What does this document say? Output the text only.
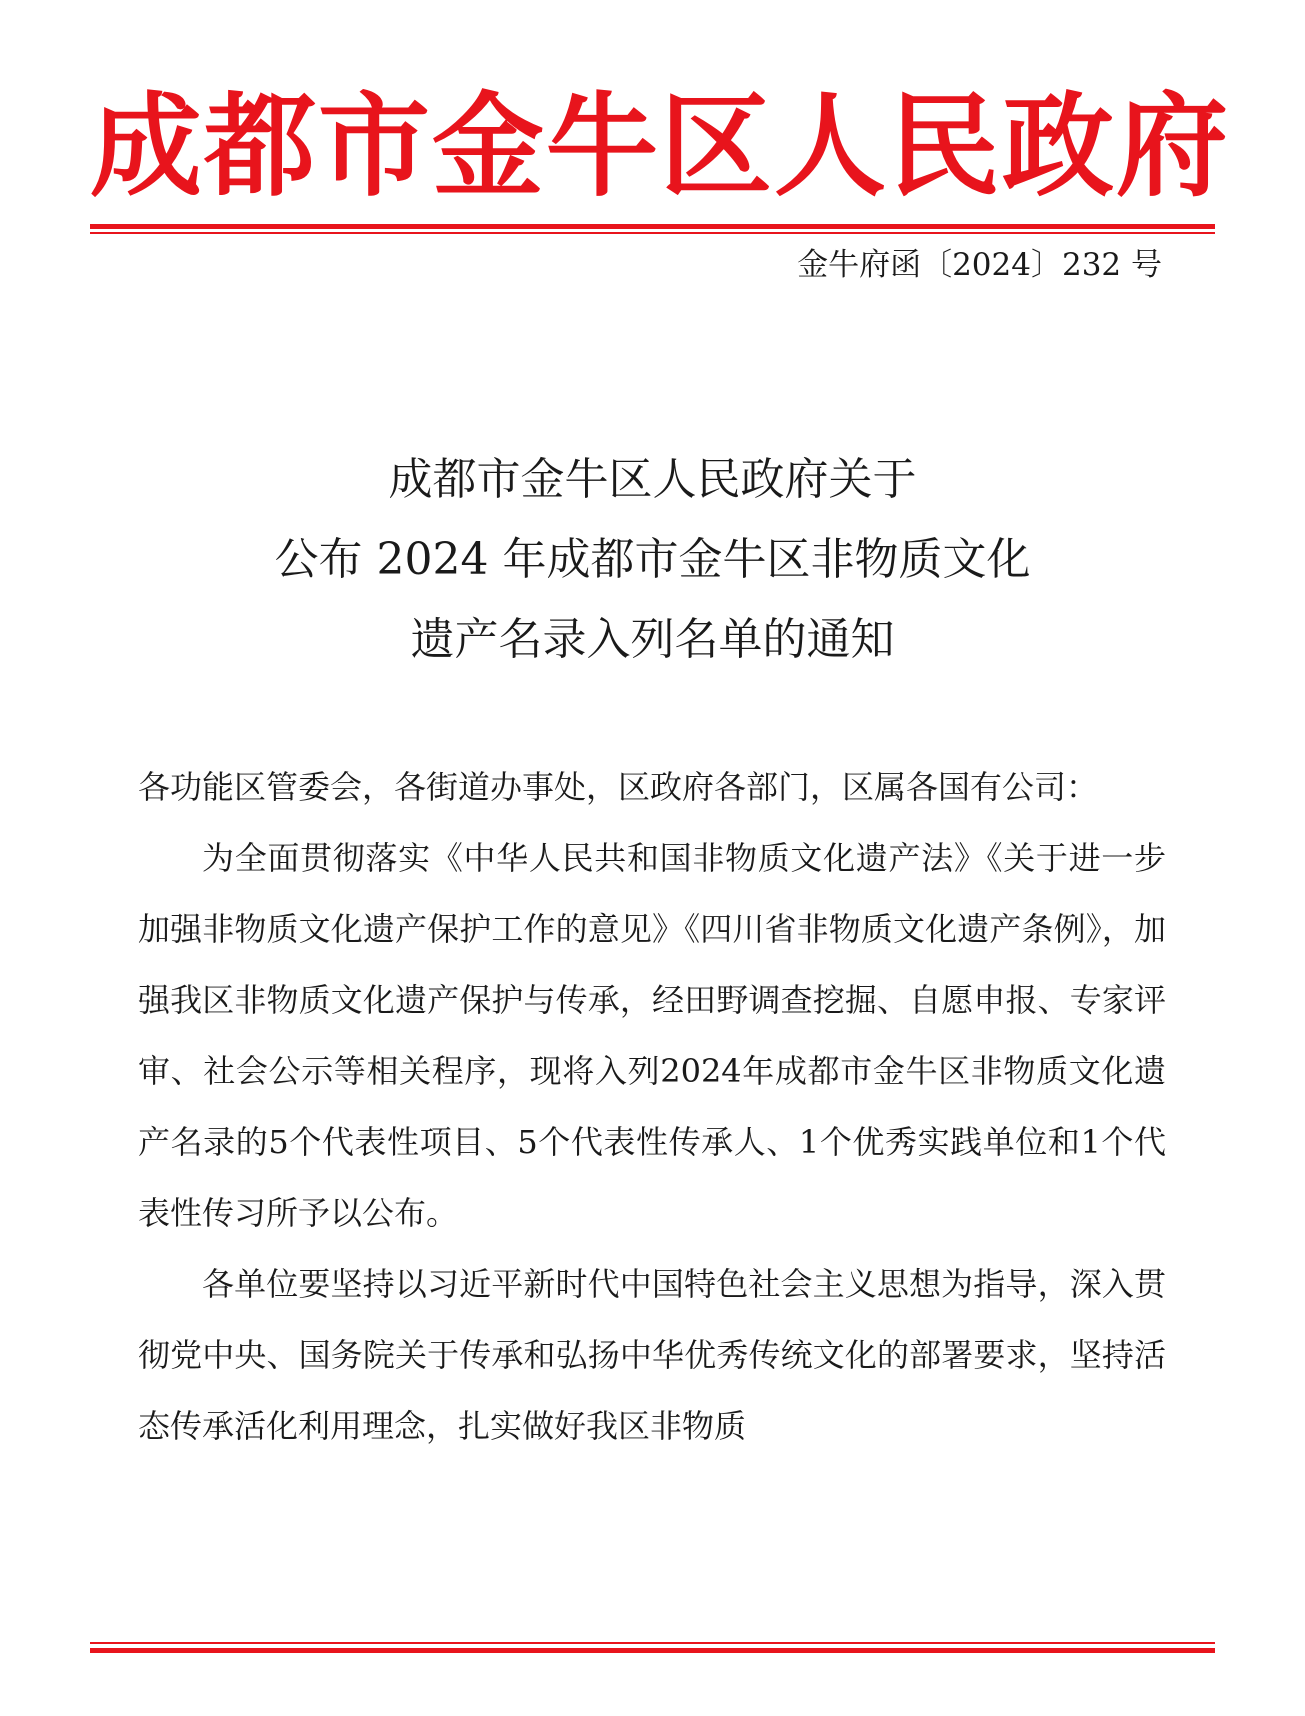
成都市金牛区人民政府
金牛府函〔2024〕232 号
成都市金牛区人民政府关于
公布 2024 年成都市金牛区非物质文化
遗产名录入列名单的通知

各功能区管委会，各街道办事处，区政府各部门，区属各国有公司：

为全面贯彻落实《中华人民共和国非物质文化遗产法》《关于进一步加强非物质文化遗产保护工作的意见》《四川省非物质文化遗产条例》，加强我区非物质文化遗产保护与传承，经田野调查挖掘、自愿申报、专家评审、社会公示等相关程序，现将入列2024年成都市金牛区非物质文化遗产名录的5个代表性项目、5个代表性传承人、1个优秀实践单位和1个代表性传习所予以公布。

各单位要坚持以习近平新时代中国特色社会主义思想为指导，深入贯彻党中央、国务院关于传承和弘扬中华优秀传统文化的部署要求，坚持活态传承活化利用理念，扎实做好我区非物质
